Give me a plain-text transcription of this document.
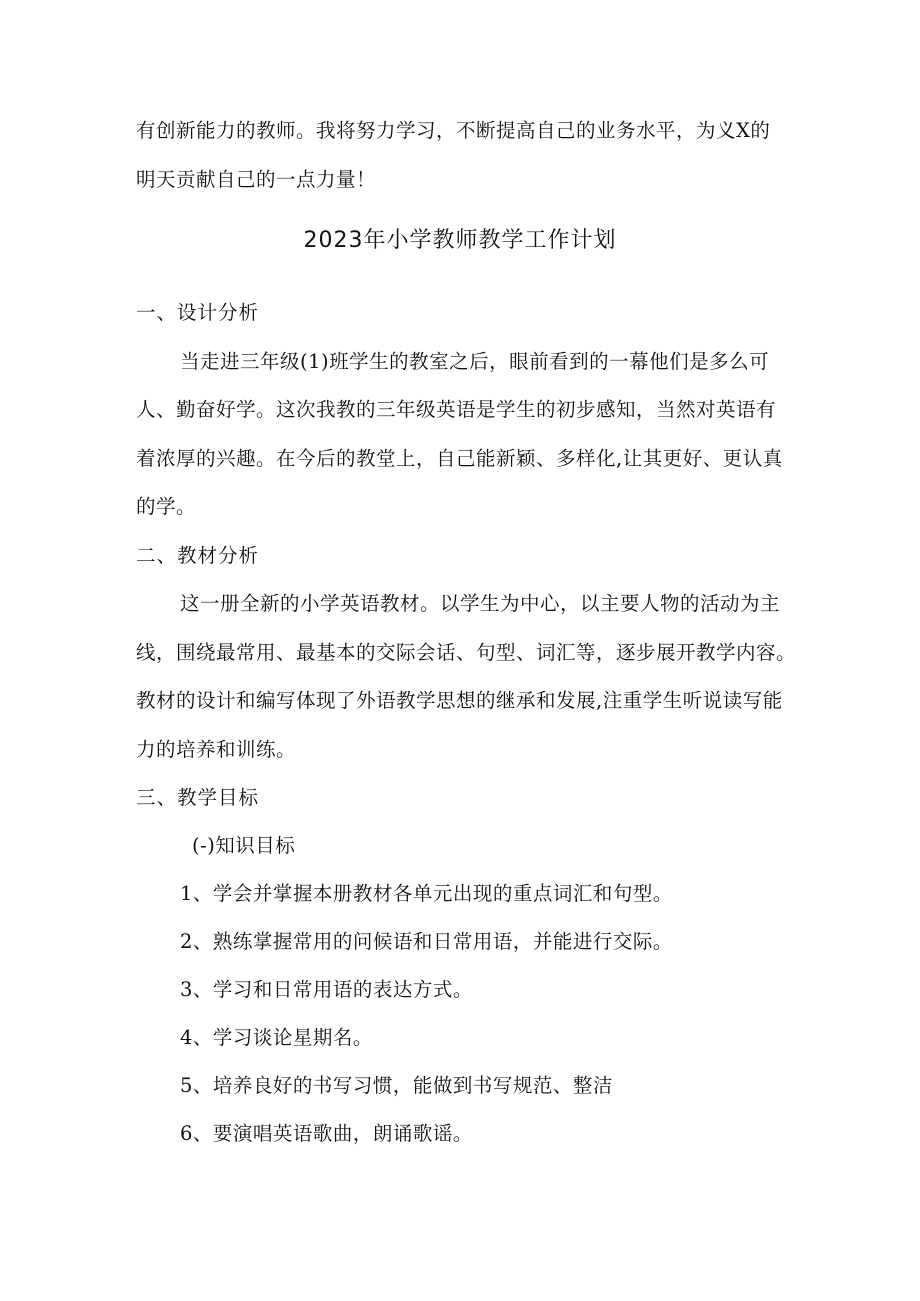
有创新能力的教师。我将努力学习，不断提高自己的业务水平，为义X的
明天贡献自己的一点力量！
2023年小学教师教学工作计划
一、设计分析
当走进三年级(1)班学生的教室之后，眼前看到的一幕他们是多么可
人、勤奋好学。这次我教的三年级英语是学生的初步感知，当然对英语有
着浓厚的兴趣。在今后的教堂上，自己能新颖、多样化,让其更好、更认真
的学。
二、教材分析
这一册全新的小学英语教材。以学生为中心，以主要人物的活动为主
线，围绕最常用、最基本的交际会话、句型、词汇等，逐步展开教学内容。
教材的设计和编写体现了外语教学思想的继承和发展,注重学生听说读写能
力的培养和训练。
三、教学目标
(-)知识目标
1、学会并掌握本册教材各单元出现的重点词汇和句型。
2、熟练掌握常用的问候语和日常用语，并能进行交际。
3、学习和日常用语的表达方式。
4、学习谈论星期名。
5、培养良好的书写习惯，能做到书写规范、整洁
6、要演唱英语歌曲，朗诵歌谣。
